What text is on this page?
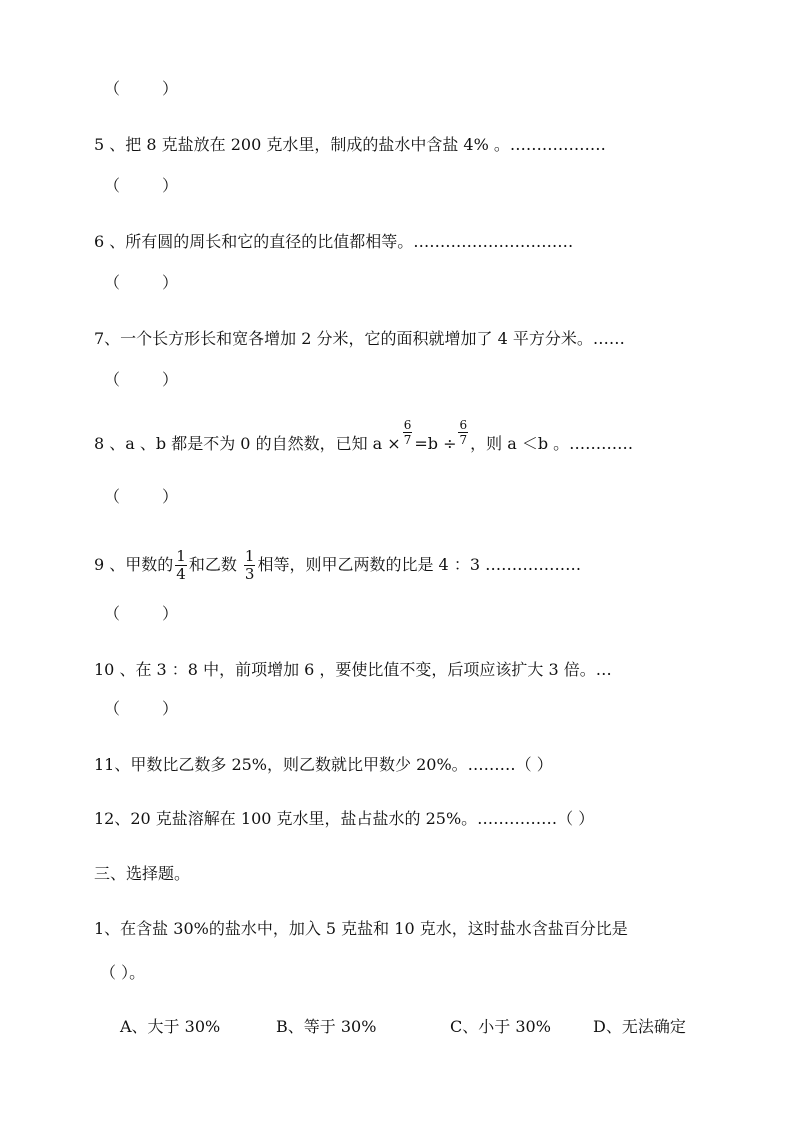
（	）
5 、把 8 克盐放在 200 克水里，制成的盐水中含盐 4% 。………………
（	）
6 、所有圆的周长和它的直径的比值都相等。…………………………
（	）
7、一个长方形长和宽各增加 2 分米，它的面积就增加了 4 平方分米。……
（	）
8 、a 、b 都是不为 0 的自然数，已知 $a \times \frac{6}{7} =b \div \frac{6}{7}$ ，则 a ＜b 。…………
（	）
9 、甲数的 $\frac{1}{4}$ 和乙数 $\frac{1}{3}$ 相等，则甲乙两数的比是 4 ：3 ………………
（	）
10 、在 3 ：8 中，前项增加 6 ，要使比值不变，后项应该扩大 3 倍。…
（	）
11、甲数比乙数多 25%，则乙数就比甲数少 20%。………（ ）
12、20 克盐溶解在 100 克水里，盐占盐水的 25%。……………（ ）
三、选择题。
1、在含盐 30%的盐水中，加入 5 克盐和 10 克水，这时盐水含盐百分比是
（ ）。
A、大于 30%	B、等于 30%	C、小于 30%	D、无法确定
